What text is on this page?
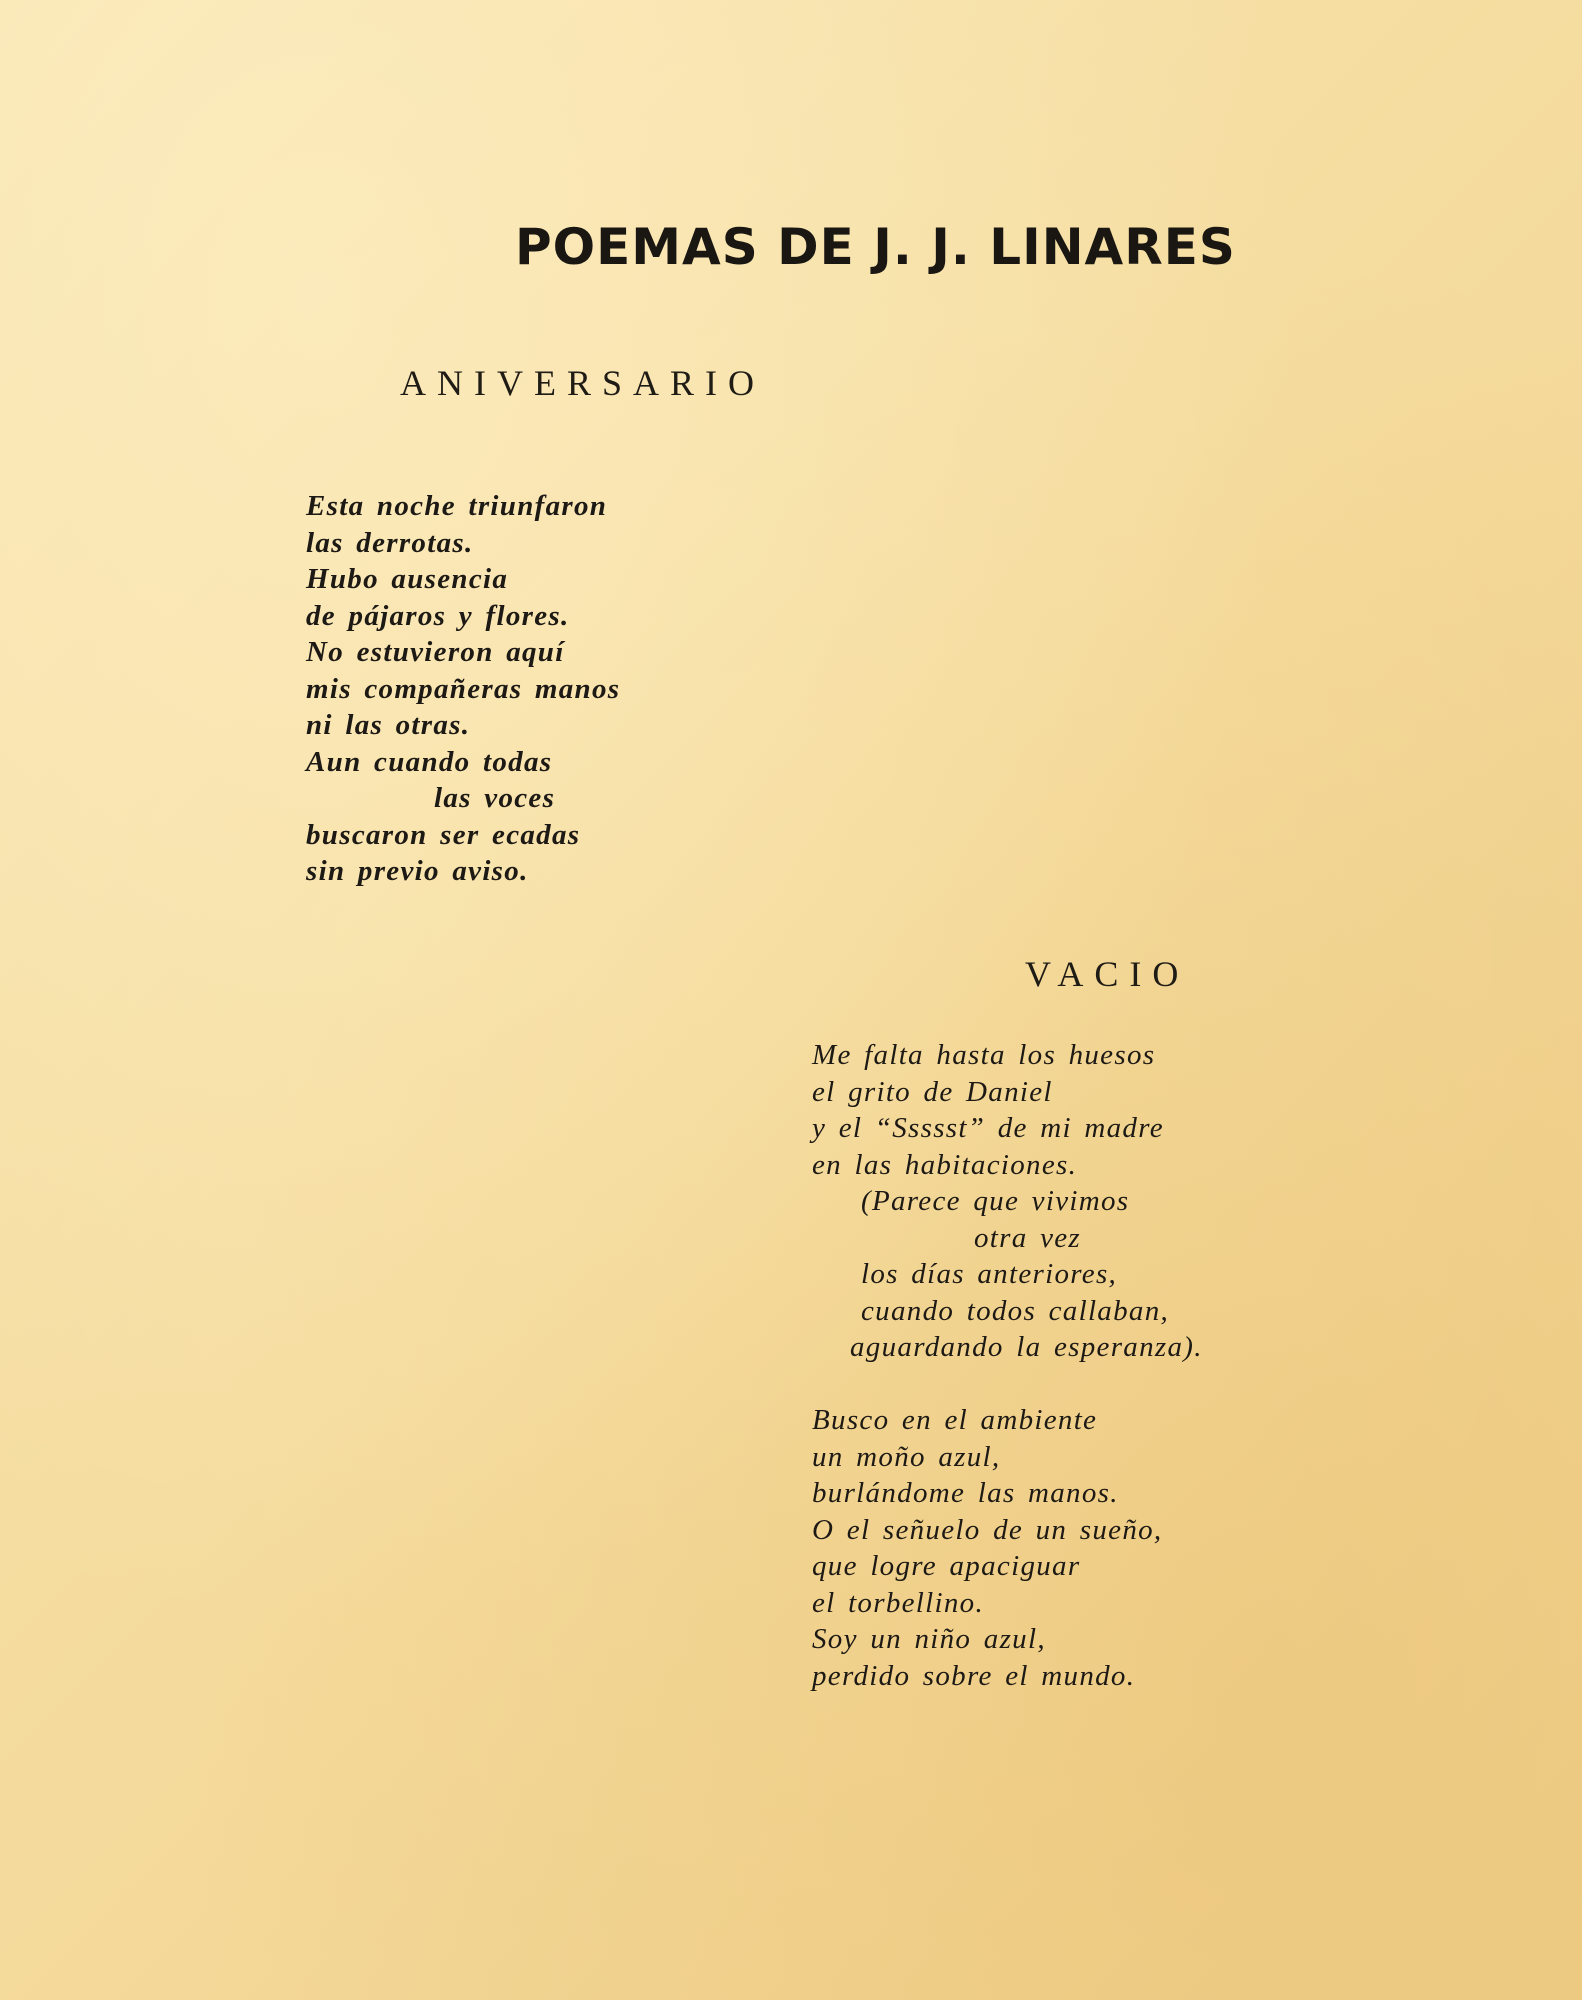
POEMAS DE J. J. LINARES
ANIVERSARIO
Esta noche triunfaron
las derrotas.
Hubo ausencia
de pájaros y flores.
No estuvieron aquí
mis compañeras manos
ni las otras.
Aun cuando todas
las voces
buscaron ser ecadas
sin previo aviso.
VACIO
Me falta hasta los huesos
el grito de Daniel
y el “Ssssst” de mi madre
en las habitaciones.
(Parece que vivimos
otra vez
los días anteriores,
cuando todos callaban,
aguardando la esperanza).
Busco en el ambiente
un moño azul,
burlándome las manos.
O el señuelo de un sueño,
que logre apaciguar
el torbellino.
Soy un niño azul,
perdido sobre el mundo.
